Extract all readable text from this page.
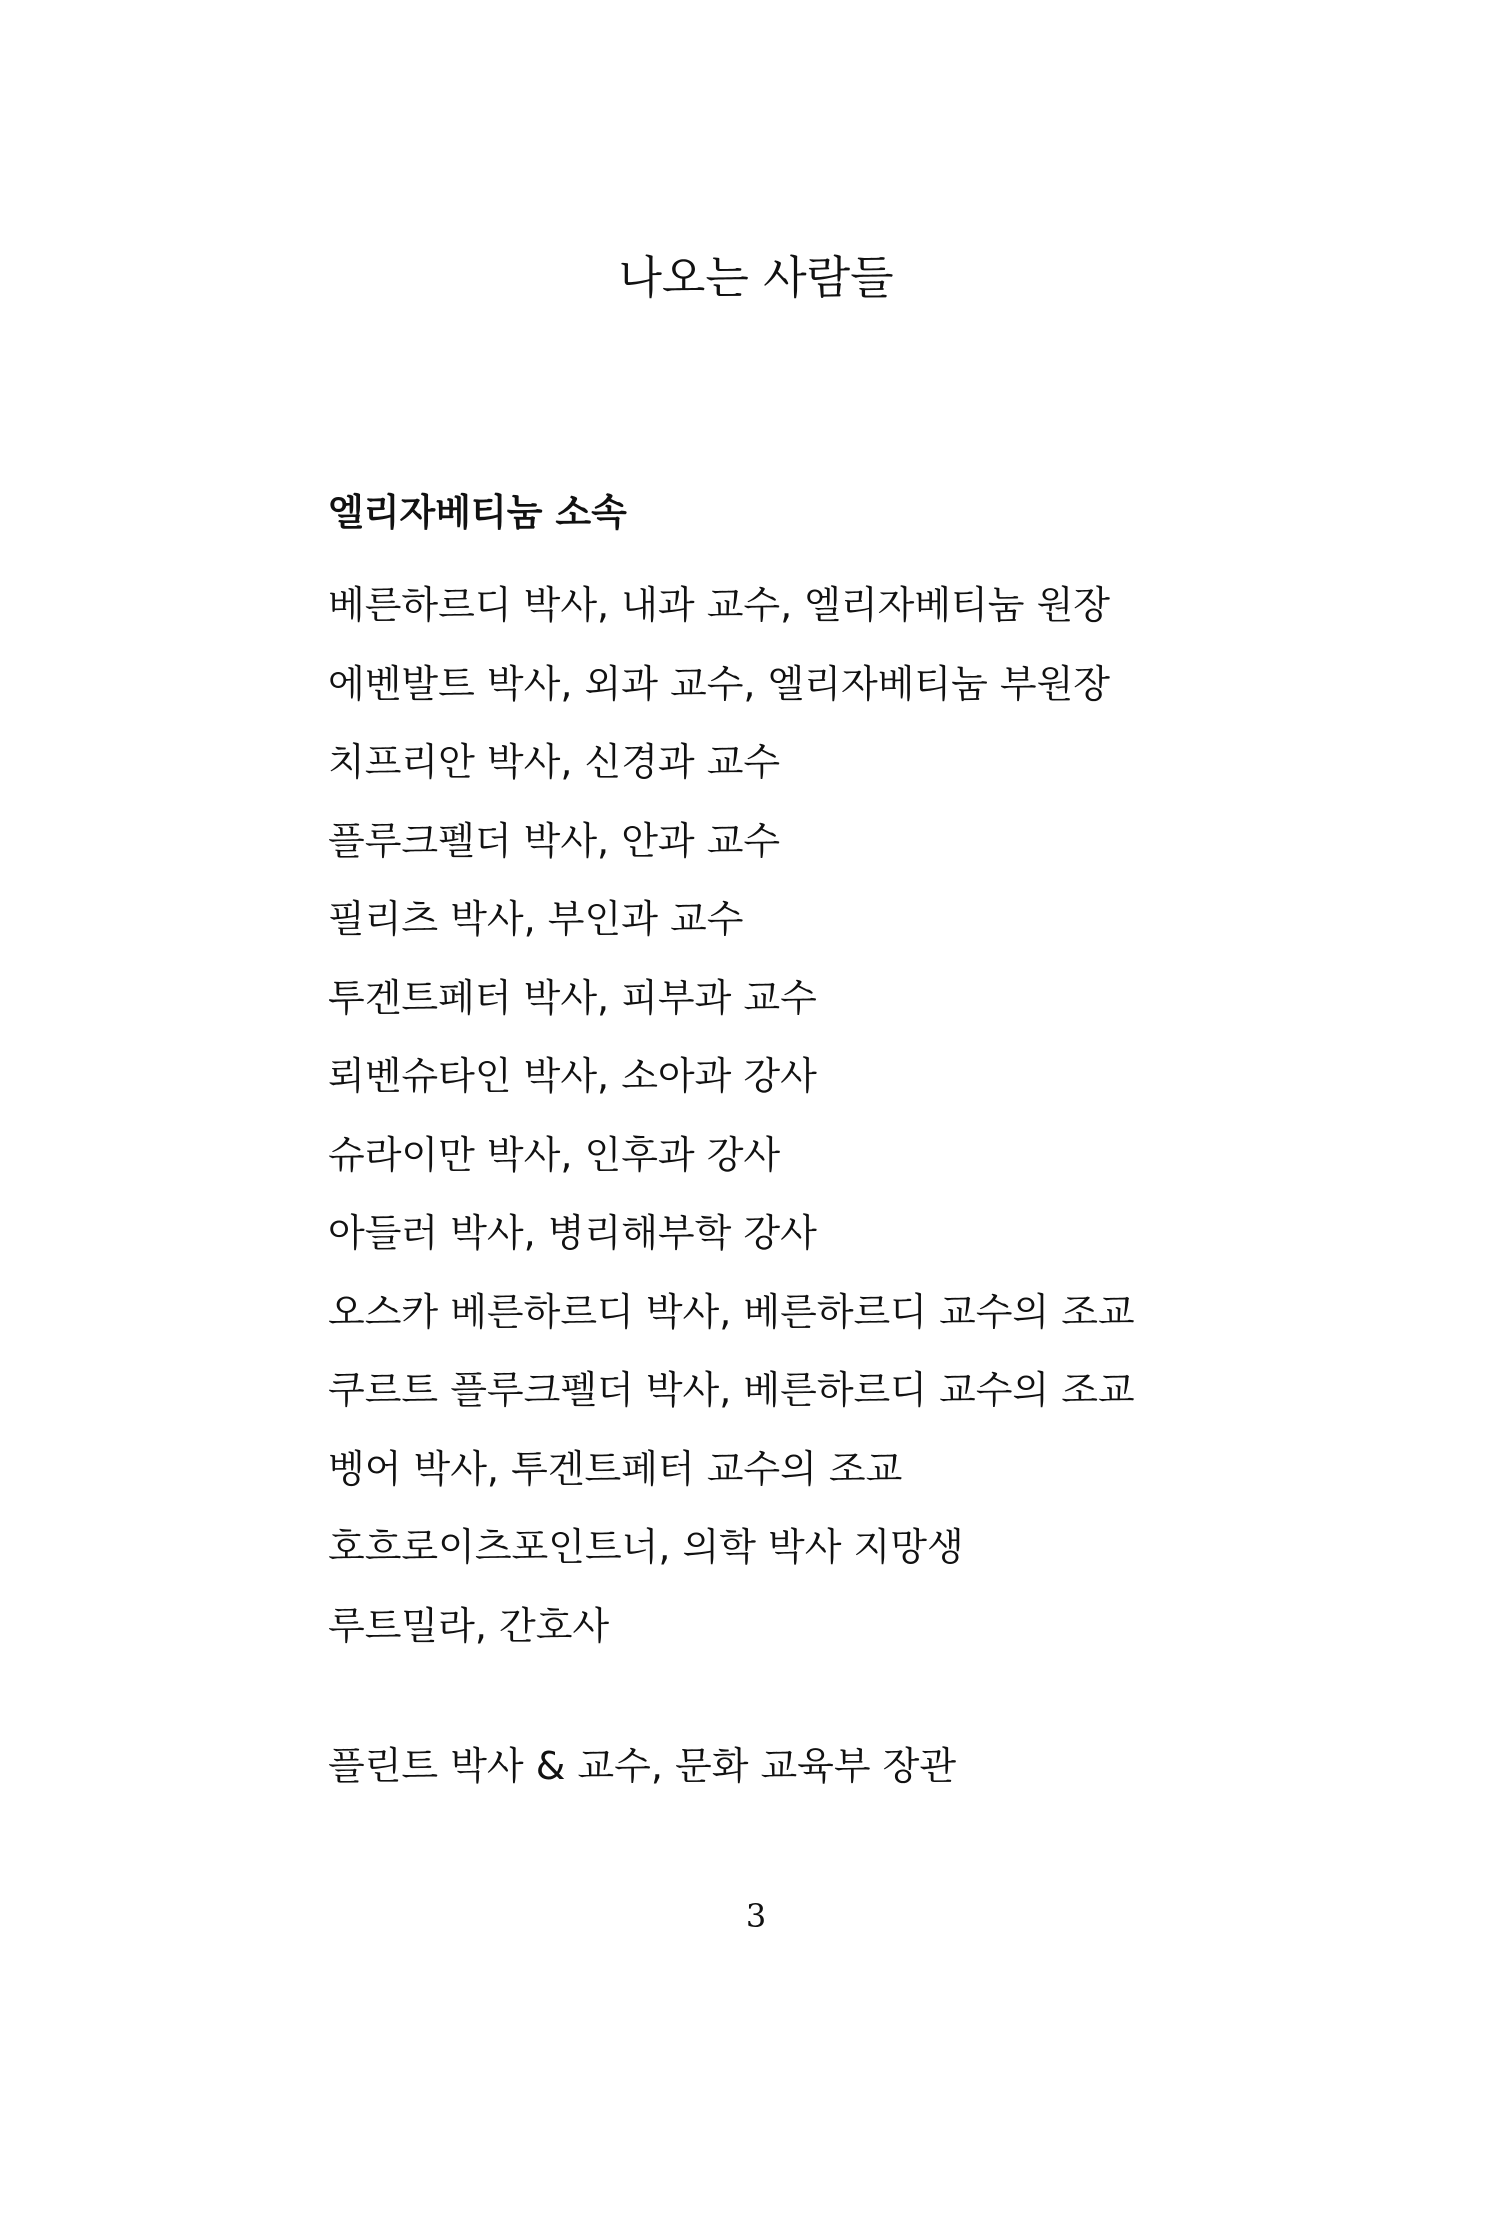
나오는 사람들
엘리자베티눔 소속
베른하르디 박사, 내과 교수, 엘리자베티눔 원장
에벤발트 박사, 외과 교수, 엘리자베티눔 부원장
치프리안 박사, 신경과 교수
플루크펠더 박사, 안과 교수
필리츠 박사, 부인과 교수
투겐트페터 박사, 피부과 교수
뢰벤슈타인 박사, 소아과 강사
슈라이만 박사, 인후과 강사
아들러 박사, 병리해부학 강사
오스카 베른하르디 박사, 베른하르디 교수의 조교
쿠르트 플루크펠더 박사, 베른하르디 교수의 조교
벵어 박사, 투겐트페터 교수의 조교
호흐로이츠포인트너, 의학 박사 지망생
루트밀라, 간호사

플린트 박사 & 교수, 문화 교육부 장관

3
